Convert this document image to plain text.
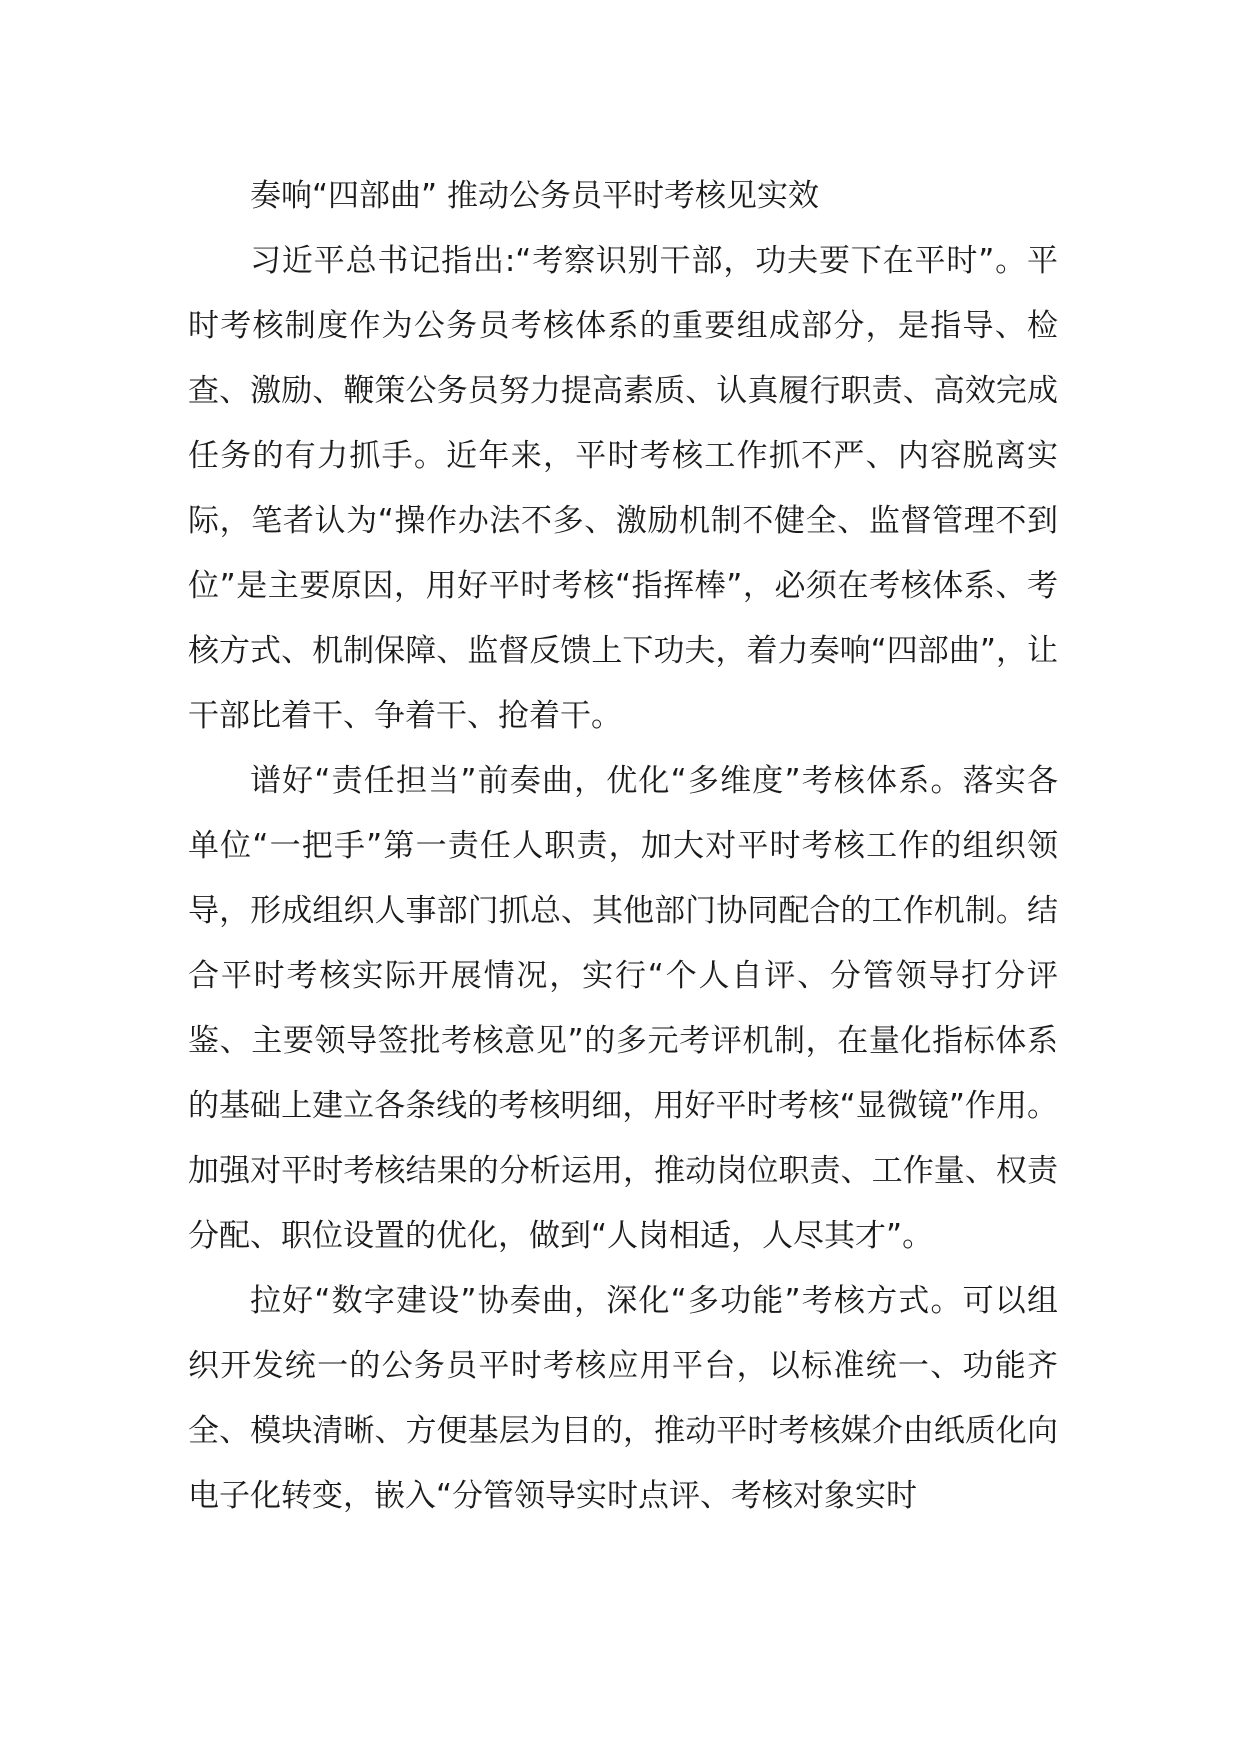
奏响“四部曲” 推动公务员平时考核见实效

习近平总书记指出:“考察识别干部，功夫要下在平时”。平时考核制度作为公务员考核体系的重要组成部分，是指导、检查、激励、鞭策公务员努力提高素质、认真履行职责、高效完成任务的有力抓手。近年来，平时考核工作抓不严、内容脱离实际，笔者认为“操作办法不多、激励机制不健全、监督管理不到位”是主要原因，用好平时考核“指挥棒”，必须在考核体系、考核方式、机制保障、监督反馈上下功夫，着力奏响“四部曲”，让干部比着干、争着干、抢着干。

谱好“责任担当”前奏曲，优化“多维度”考核体系。落实各单位“一把手”第一责任人职责，加大对平时考核工作的组织领导，形成组织人事部门抓总、其他部门协同配合的工作机制。结合平时考核实际开展情况，实行“个人自评、分管领导打分评鉴、主要领导签批考核意见”的多元考评机制，在量化指标体系的基础上建立各条线的考核明细，用好平时考核“显微镜”作用。加强对平时考核结果的分析运用，推动岗位职责、工作量、权责分配、职位设置的优化，做到“人岗相适，人尽其才”。

拉好“数字建设”协奏曲，深化“多功能”考核方式。可以组织开发统一的公务员平时考核应用平台，以标准统一、功能齐全、模块清晰、方便基层为目的，推动平时考核媒介由纸质化向电子化转变，嵌入“分管领导实时点评、考核对象实时
